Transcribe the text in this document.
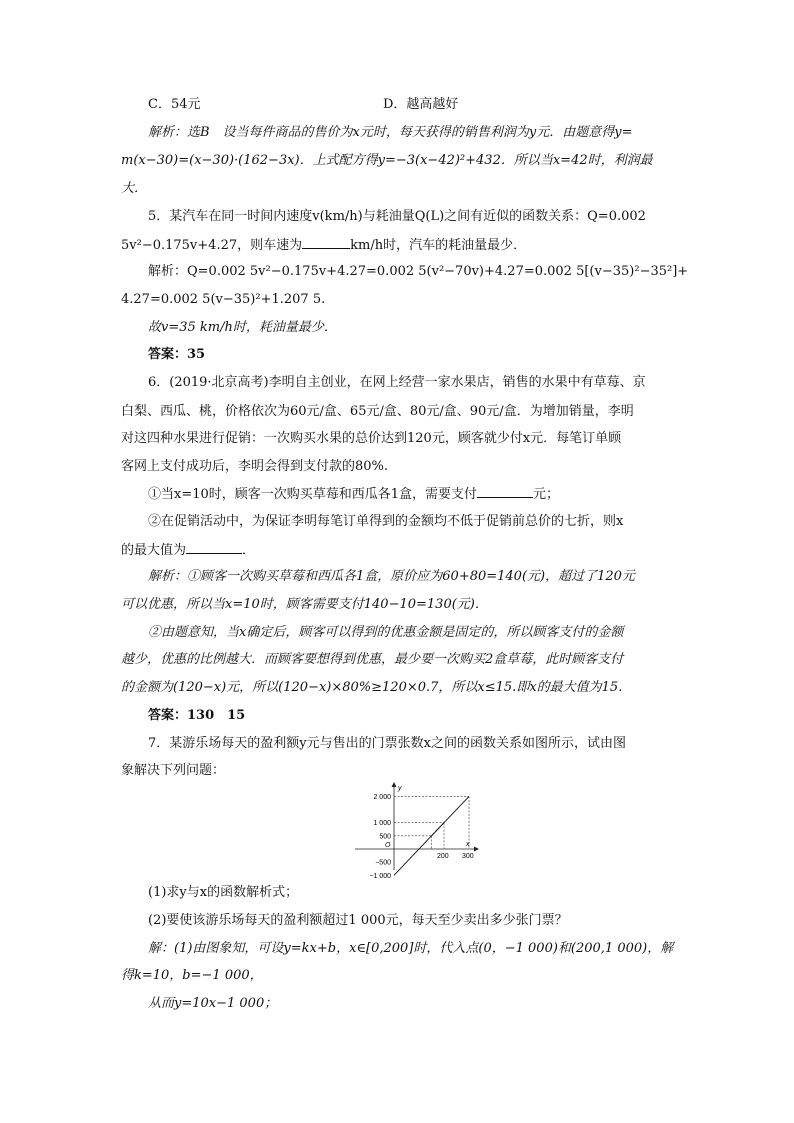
C．54元	D．越高越好
解析：选B　设当每件商品的售价为x元时，每天获得的销售利润为y元．由题意得y=
m(x−30)=(x−30)·(162−3x)．上式配方得y=−3(x−42)²+432．所以当x=42时，利润最
大．
5．某汽车在同一时间内速度v(km/h)与耗油量Q(L)之间有近似的函数关系：Q=0.002
5v²−0.175v+4.27，则车速为	km/h时，汽车的耗油量最少．
解析：Q=0.002 5v²−0.175v+4.27=0.002 5(v²−70v)+4.27=0.002 5[(v−35)²−35²]+
4.27=0.002 5(v−35)²+1.207 5.
故v=35 km/h时，耗油量最少．
答案：35
6．(2019·北京高考)李明自主创业，在网上经营一家水果店，销售的水果中有草莓、京
白梨、西瓜、桃，价格依次为60元/盒、65元/盒、80元/盒、90元/盒．为增加销量，李明
对这四种水果进行促销：一次购买水果的总价达到120元，顾客就少付x元．每笔订单顾
客网上支付成功后，李明会得到支付款的80%.
①当x=10时，顾客一次购买草莓和西瓜各1盒，需要支付	元；
②在促销活动中，为保证李明每笔订单得到的金额均不低于促销前总价的七折，则x
的最大值为	．
解析：①顾客一次购买草莓和西瓜各1盒，原价应为60+80=140(元)，超过了120元
可以优惠，所以当x=10时，顾客需要支付140−10=130(元)．
②由题意知，当x确定后，顾客可以得到的优惠金额是固定的，所以顾客支付的金额
越少，优惠的比例越大．而顾客要想得到优惠，最少要一次购买2盒草莓，此时顾客支付
的金额为(120−x)元，所以(120−x)×80%≥120×0.7，所以x≤15.即x的最大值为15.
答案：130　15
7．某游乐场每天的盈利额y元与售出的门票张数x之间的函数关系如图所示，试由图
象解决下列问题：
x
y
O
200 300
2 000
1 000
500
−500
−1 000
(1)求y与x的函数解析式；
(2)要使该游乐场每天的盈利额超过1 000元，每天至少卖出多少张门票？
解：(1)由图象知，可设y=kx+b，x∈[0,200]时，代入点(0，−1 000)和(200,1 000)，解
得k=10，b=−1 000，
从而y=10x−1 000；
